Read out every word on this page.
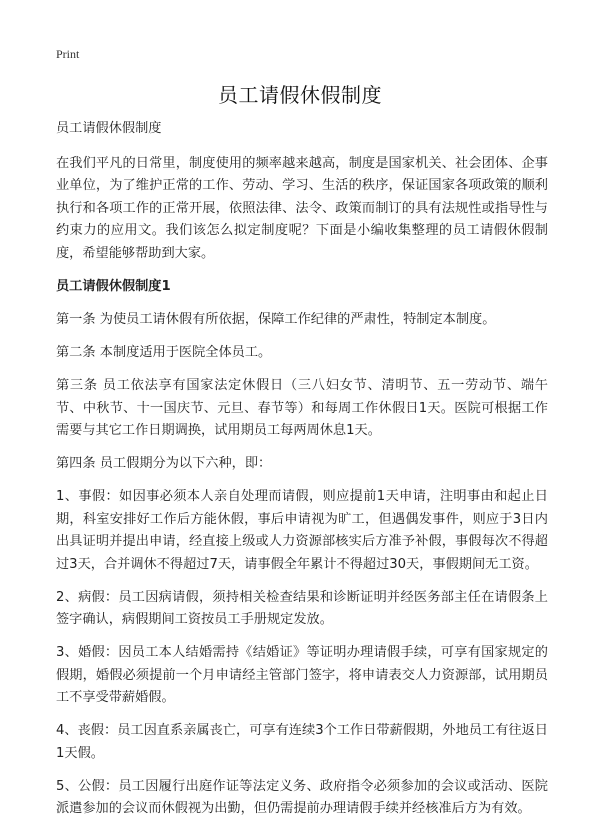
Print
员工请假休假制度

员工请假休假制度

在我们平凡的日常里，制度使用的频率越来越高，制度是国家机关、社会团体、企事业单位，为了维护正常的工作、劳动、学习、生活的秩序，保证国家各项政策的顺利执行和各项工作的正常开展，依照法律、法令、政策而制订的具有法规性或指导性与约束力的应用文。我们该怎么拟定制度呢？下面是小编收集整理的员工请假休假制度，希望能够帮助到大家。

员工请假休假制度1

第一条 为使员工请休假有所依据，保障工作纪律的严肃性，特制定本制度。

第二条 本制度适用于医院全体员工。

第三条 员工依法享有国家法定休假日（三八妇女节、清明节、五一劳动节、端午节、中秋节、十一国庆节、元旦、春节等）和每周工作休假日1天。医院可根据工作需要与其它工作日期调换，试用期员工每两周休息1天。

第四条 员工假期分为以下六种，即：

1、事假：如因事必须本人亲自处理而请假，则应提前1天申请，注明事由和起止日期，科室安排好工作后方能休假，事后申请视为旷工，但遇偶发事件，则应于3日内出具证明并提出申请，经直接上级或人力资源部核实后方准予补假，事假每次不得超过3天，合并调休不得超过7天，请事假全年累计不得超过30天，事假期间无工资。

2、病假：员工因病请假，须持相关检查结果和诊断证明并经医务部主任在请假条上签字确认，病假期间工资按员工手册规定发放。

3、婚假：因员工本人结婚需持《结婚证》等证明办理请假手续，可享有国家规定的假期，婚假必须提前一个月申请经主管部门签字，将申请表交人力资源部，试用期员工不享受带薪婚假。

4、丧假：员工因直系亲属丧亡，可享有连续3个工作日带薪假期，外地员工有往返日1天假。

5、公假：员工因履行出庭作证等法定义务、政府指令必须参加的会议或活动、医院派遣参加的会议而休假视为出勤，但仍需提前办理请假手续并经核准后方为有效。
